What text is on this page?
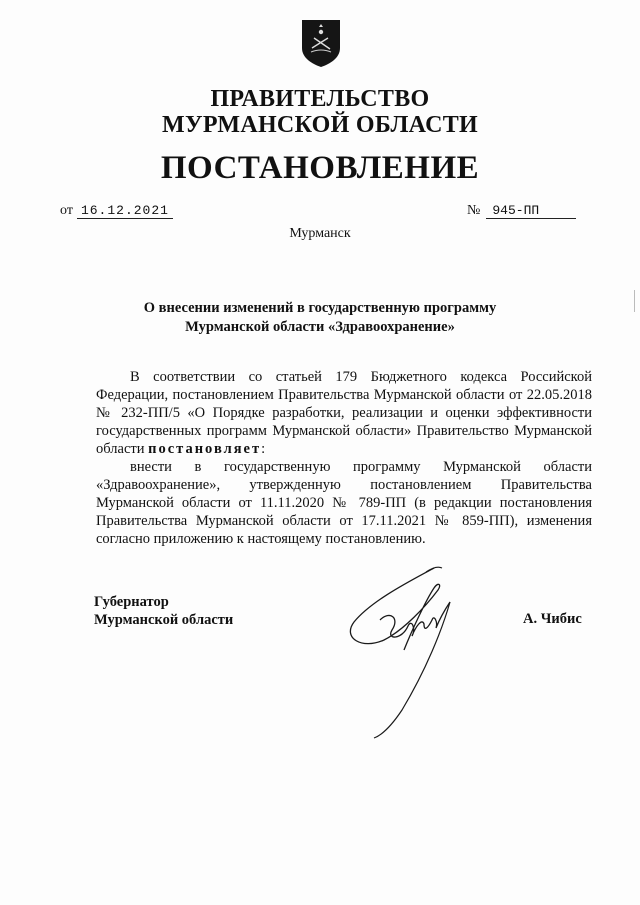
ПРАВИТЕЛЬСТВО
МУРМАНСКОЙ ОБЛАСТИ
ПОСТАНОВЛЕНИЕ
от 16.12.2021	№ 945-ПП
Мурманск
О внесении изменений в государственную программу
Мурманской области «Здравоохранение»

В соответствии со статьей 179 Бюджетного кодекса Российской Федерации, постановлением Правительства Мурманской области от 22.05.2018 № 232-ПП/5 «О Порядке разработки, реализации и оценки эффективности государственных программ Мурманской области» Правительство Мурманской области постановляет:

внести в государственную программу Мурманской области «Здравоохранение», утвержденную постановлением Правительства Мурманской области от 11.11.2020 № 789-ПП (в редакции постановления Правительства Мурманской области от 17.11.2021 № 859-ПП), изменения согласно приложению к настоящему постановлению.

Губернатор
Мурманской области	А. Чибис
